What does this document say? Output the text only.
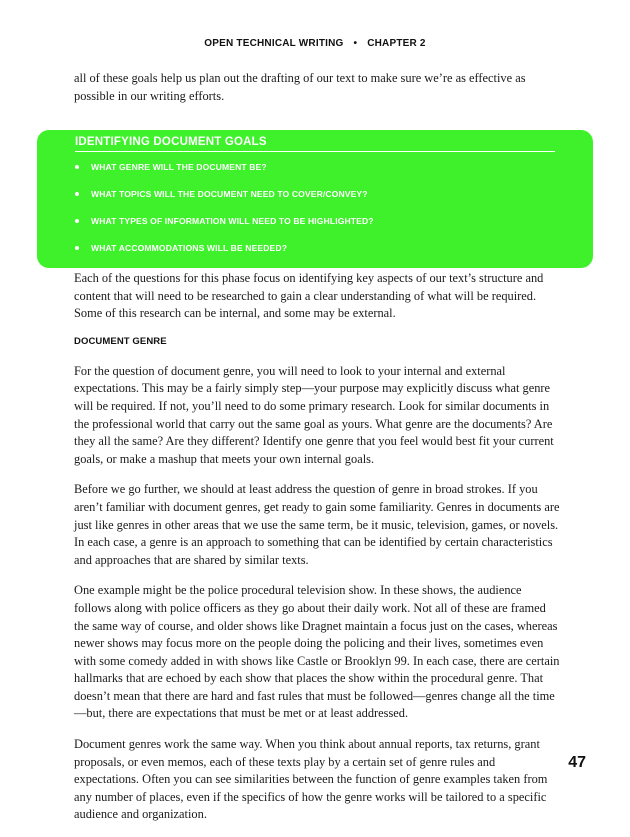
OPEN TECHNICAL WRITING • CHAPTER 2

all of these goals help us plan out the drafting of our text to make sure we’re as effective as possible in our writing efforts.

IDENTIFYING DOCUMENT GOALS
WHAT GENRE WILL THE DOCUMENT BE?
WHAT TOPICS WILL THE DOCUMENT NEED TO COVER/CONVEY?
WHAT TYPES OF INFORMATION WILL NEED TO BE HIGHLIGHTED?
WHAT ACCOMMODATIONS WILL BE NEEDED?

Each of the questions for this phase focus on identifying key aspects of our text’s structure and content that will need to be researched to gain a clear understanding of what will be required. Some of this research can be internal, and some may be external.

DOCUMENT GENRE

For the question of document genre, you will need to look to your internal and external expectations. This may be a fairly simply step—your purpose may explicitly discuss what genre will be required. If not, you’ll need to do some primary research. Look for similar documents in the professional world that carry out the same goal as yours. What genre are the documents? Are they all the same? Are they different? Identify one genre that you feel would best fit your current goals, or make a mashup that meets your own internal goals.

Before we go further, we should at least address the question of genre in broad strokes. If you aren’t familiar with document genres, get ready to gain some familiarity. Genres in documents are just like genres in other areas that we use the same term, be it music, television, games, or novels. In each case, a genre is an approach to something that can be identified by certain characteristics and approaches that are shared by similar texts.

One example might be the police procedural television show. In these shows, the audience follows along with police officers as they go about their daily work. Not all of these are framed the same way of course, and older shows like Dragnet maintain a focus just on the cases, whereas newer shows may focus more on the people doing the policing and their lives, sometimes even with some comedy added in with shows like Castle or Brooklyn 99. In each case, there are certain hallmarks that are echoed by each show that places the show within the procedural genre. That doesn’t mean that there are hard and fast rules that must be followed—genres change all the time—but, there are expectations that must be met or at least addressed.

Document genres work the same way. When you think about annual reports, tax returns, grant proposals, or even memos, each of these texts play by a certain set of genre rules and expectations. Often you can see similarities between the function of genre examples taken from any number of places, even if the specifics of how the genre works will be tailored to a specific audience and organization.

47
